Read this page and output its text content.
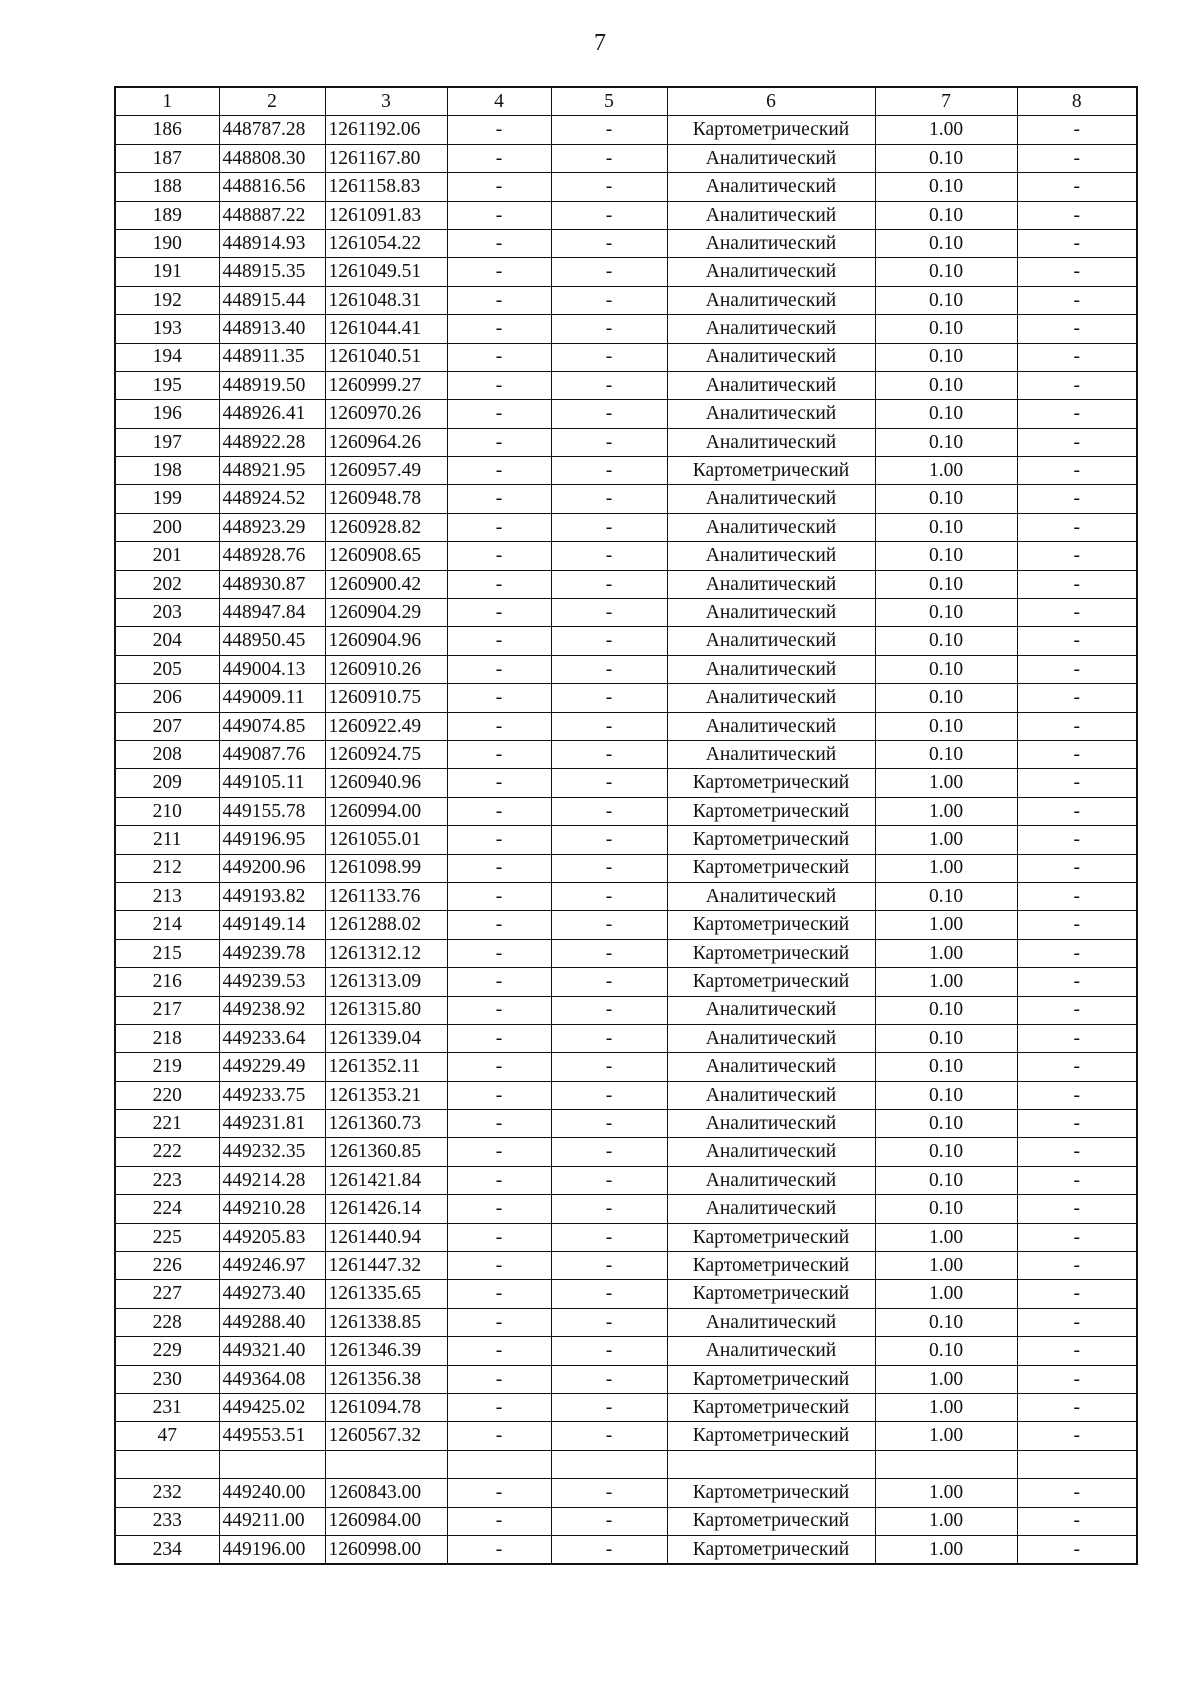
7
1	2	3	4	5	6	7	8
186	448787.28	1261192.06	-	-	Картометрический	1.00	-
187	448808.30	1261167.80	-	-	Аналитический	0.10	-
188	448816.56	1261158.83	-	-	Аналитический	0.10	-
189	448887.22	1261091.83	-	-	Аналитический	0.10	-
190	448914.93	1261054.22	-	-	Аналитический	0.10	-
191	448915.35	1261049.51	-	-	Аналитический	0.10	-
192	448915.44	1261048.31	-	-	Аналитический	0.10	-
193	448913.40	1261044.41	-	-	Аналитический	0.10	-
194	448911.35	1261040.51	-	-	Аналитический	0.10	-
195	448919.50	1260999.27	-	-	Аналитический	0.10	-
196	448926.41	1260970.26	-	-	Аналитический	0.10	-
197	448922.28	1260964.26	-	-	Аналитический	0.10	-
198	448921.95	1260957.49	-	-	Картометрический	1.00	-
199	448924.52	1260948.78	-	-	Аналитический	0.10	-
200	448923.29	1260928.82	-	-	Аналитический	0.10	-
201	448928.76	1260908.65	-	-	Аналитический	0.10	-
202	448930.87	1260900.42	-	-	Аналитический	0.10	-
203	448947.84	1260904.29	-	-	Аналитический	0.10	-
204	448950.45	1260904.96	-	-	Аналитический	0.10	-
205	449004.13	1260910.26	-	-	Аналитический	0.10	-
206	449009.11	1260910.75	-	-	Аналитический	0.10	-
207	449074.85	1260922.49	-	-	Аналитический	0.10	-
208	449087.76	1260924.75	-	-	Аналитический	0.10	-
209	449105.11	1260940.96	-	-	Картометрический	1.00	-
210	449155.78	1260994.00	-	-	Картометрический	1.00	-
211	449196.95	1261055.01	-	-	Картометрический	1.00	-
212	449200.96	1261098.99	-	-	Картометрический	1.00	-
213	449193.82	1261133.76	-	-	Аналитический	0.10	-
214	449149.14	1261288.02	-	-	Картометрический	1.00	-
215	449239.78	1261312.12	-	-	Картометрический	1.00	-
216	449239.53	1261313.09	-	-	Картометрический	1.00	-
217	449238.92	1261315.80	-	-	Аналитический	0.10	-
218	449233.64	1261339.04	-	-	Аналитический	0.10	-
219	449229.49	1261352.11	-	-	Аналитический	0.10	-
220	449233.75	1261353.21	-	-	Аналитический	0.10	-
221	449231.81	1261360.73	-	-	Аналитический	0.10	-
222	449232.35	1261360.85	-	-	Аналитический	0.10	-
223	449214.28	1261421.84	-	-	Аналитический	0.10	-
224	449210.28	1261426.14	-	-	Аналитический	0.10	-
225	449205.83	1261440.94	-	-	Картометрический	1.00	-
226	449246.97	1261447.32	-	-	Картометрический	1.00	-
227	449273.40	1261335.65	-	-	Картометрический	1.00	-
228	449288.40	1261338.85	-	-	Аналитический	0.10	-
229	449321.40	1261346.39	-	-	Аналитический	0.10	-
230	449364.08	1261356.38	-	-	Картометрический	1.00	-
231	449425.02	1261094.78	-	-	Картометрический	1.00	-
47	449553.51	1260567.32	-	-	Картометрический	1.00	-

232	449240.00	1260843.00	-	-	Картометрический	1.00	-
233	449211.00	1260984.00	-	-	Картометрический	1.00	-
234	449196.00	1260998.00	-	-	Картометрический	1.00	-
